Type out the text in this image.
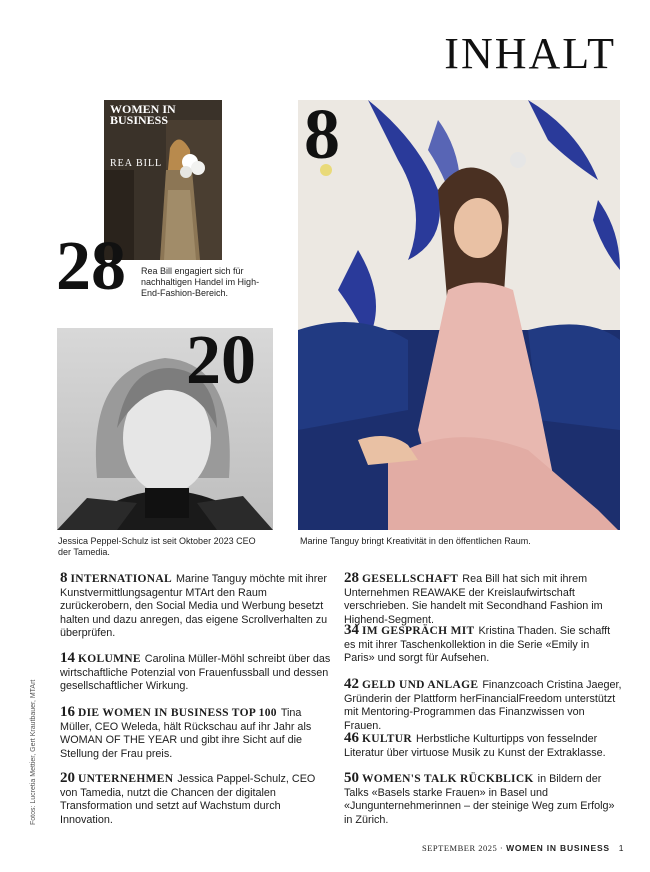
INHALT
WOMEN IN BUSINESS
REA BILL
28 Rea Bill engagiert sich für nachhaltigen Handel im High-End-Fashion-Bereich.
20
Jessica Peppel-Schulz ist seit Oktober 2023 CEO der Tamedia.
8
Marine Tanguy bringt Kreativität in den öffentlichen Raum.
Fotos: Lucretia Mettier, Gert Krautbauer, MTArt
8 INTERNATIONAL Marine Tanguy möchte mit ihrer Kunstvermittlungsagentur MTArt den Raum zurückerobern, den Social Media und Werbung besetzt halten und dazu anregen, das eigene Scrollverhalten zu überprüfen.
14 KOLUMNE Carolina Müller-Möhl schreibt über das wirtschaftliche Potenzial von Frauenfussball und dessen gesellschaftlicher Wirkung.
16 DIE WOMEN IN BUSINESS TOP 100 Tina Müller, CEO Weleda, hält Rückschau auf ihr Jahr als WOMAN OF THE YEAR und gibt ihre Sicht auf die Stellung der Frau preis.
20 UNTERNEHMEN Jessica Pappel-Schulz, CEO von Tamedia, nutzt die Chancen der digitalen Transformation und setzt auf Wachstum durch Innovation.
28 GESELLSCHAFT Rea Bill hat sich mit ihrem Unternehmen REAWAKE der Kreislaufwirtschaft verschrieben. Sie handelt mit Secondhand Fashion im Highend-Segment.
34 IM GESPRÄCH MIT Kristina Thaden. Sie schafft es mit ihrer Taschenkollektion in die Serie «Emily in Paris» und sorgt für Aufsehen.
42 GELD UND ANLAGE Finanzcoach Cristina Jaeger, Gründerin der Plattform herFinancialFreedom unterstützt mit Mentoring-Programmen das Finanzwissen von Frauen.
46 KULTUR Herbstliche Kulturtipps von fesselnder Literatur über virtuose Musik zu Kunst der Extraklasse.
50 WOMEN'S TALK RÜCKBLICK in Bildern der Talks «Basels starke Frauen» in Basel und «Jungunternehmerinnen – der steinige Weg zum Erfolg» in Zürich.
SEPTEMBER 2025 · WOMEN IN BUSINESS 1
